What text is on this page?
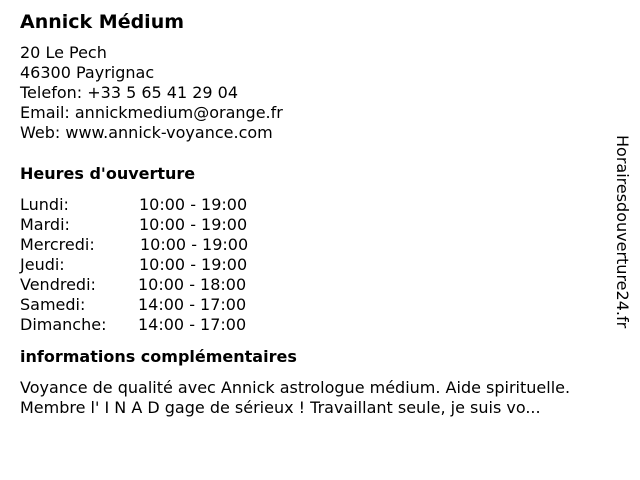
Annick Médium
20 Le Pech
46300 Payrignac
Telefon: +33 5 65 41 29 04
Email: annickmedium@orange.fr
Web: www.annick-voyance.com
Heures d'ouverture
Lundi:	10:00 - 19:00
Mardi:	10:00 - 19:00
Mercredi:	10:00 - 19:00
Jeudi:	10:00 - 19:00
Vendredi:	10:00 - 18:00
Samedi:	14:00 - 17:00
Dimanche: 14:00 - 17:00
informations complémentaires
Voyance de qualité avec Annick astrologue médium. Aide spirituelle.
Membre l' I N A D gage de sérieux ! Travaillant seule, je suis vo...
Horairesdouverture24.fr
